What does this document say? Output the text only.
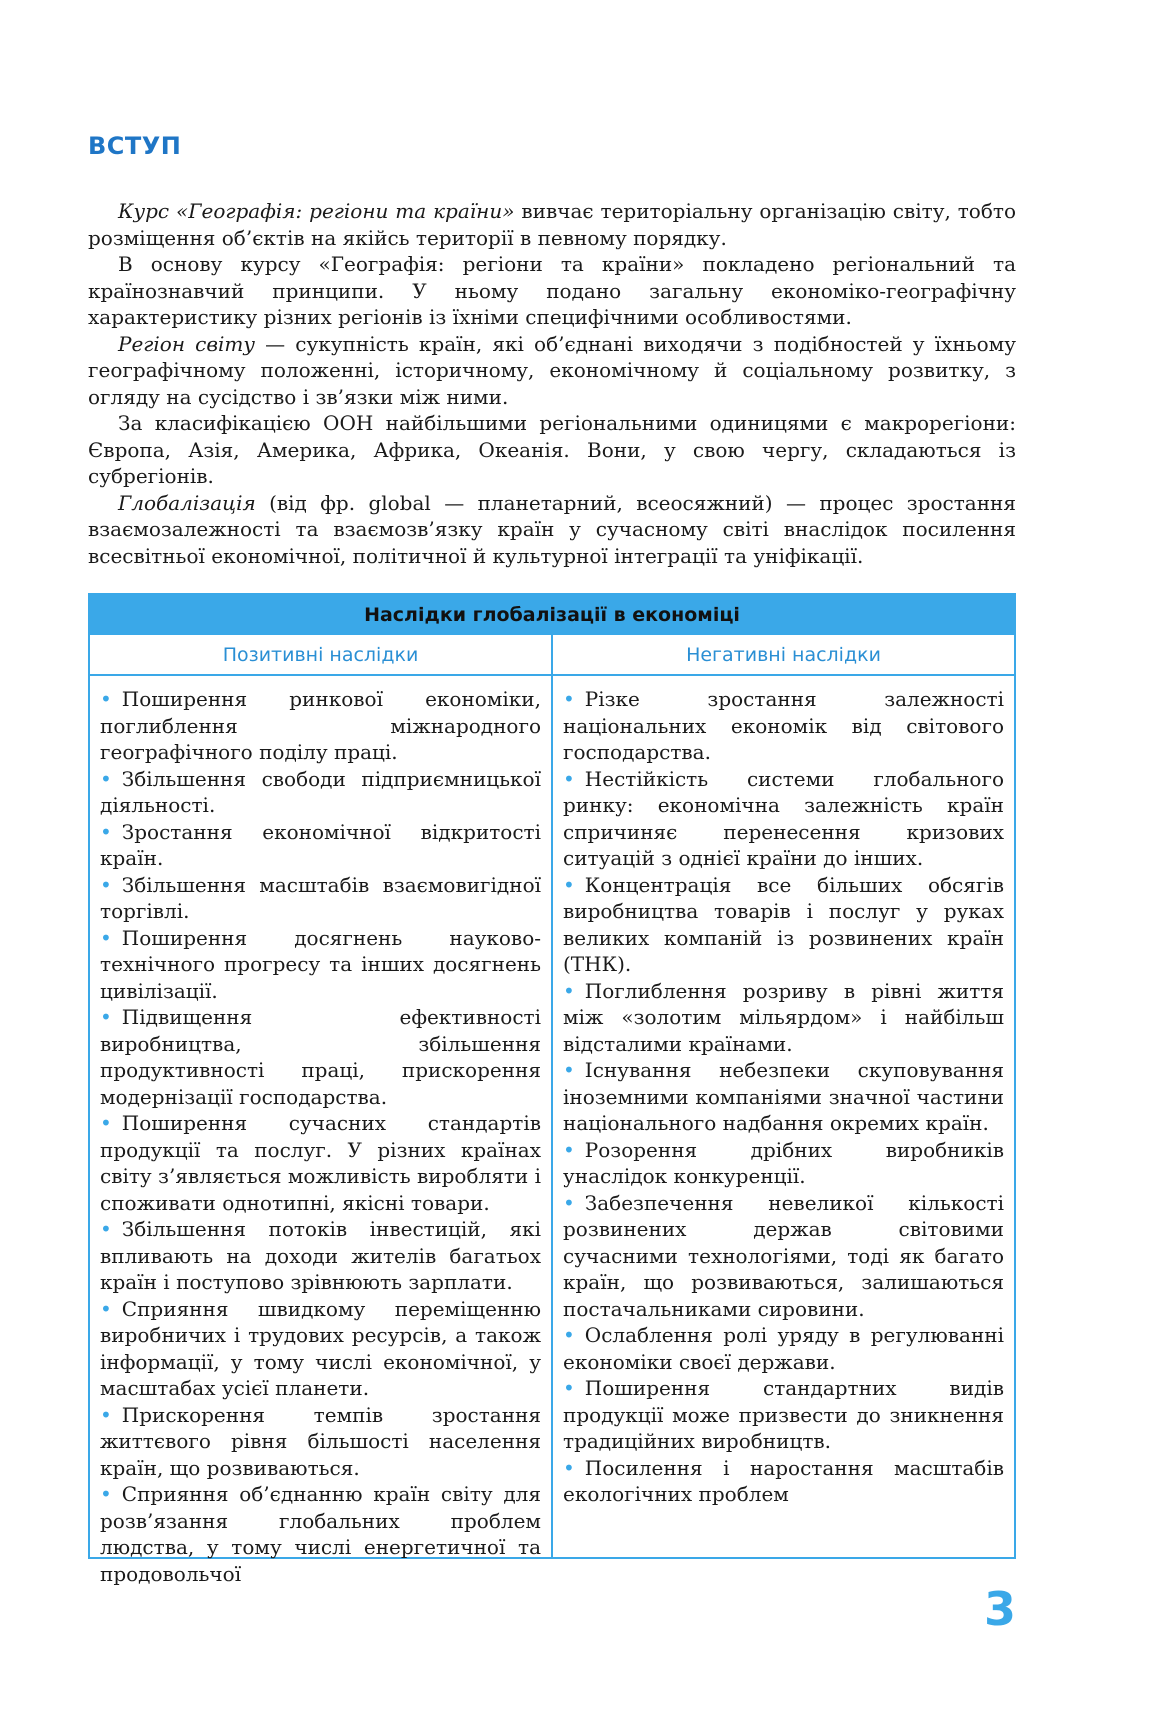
ВСТУП

Курс «Географія: регіони та країни» вивчає територіальну організацію світу, тобто розміщення об’єктів на якійсь території в певному порядку.

В основу курсу «Географія: регіони та країни» покладено регіональний та країнознавчий принципи. У ньому подано загальну економіко-географічну характеристику різних регіонів із їхніми специфічними особливостями.

Регіон світу — сукупність країн, які об’єднані виходячи з подібностей у їхньому географічному положенні, історичному, економічному й соціальному розвитку, з огляду на сусідство і зв’язки між ними.

За класифікацією ООН найбільшими регіональними одиницями є макрорегіони: Європа, Азія, Америка, Африка, Океанія. Вони, у свою чергу, складаються із субрегіонів.

Глобалізація (від фр. global — планетарний, всеосяжний) — процес зростання взаємозалежності та взаємозв’язку країн у сучасному світі внаслідок посилення всесвітньої економічної, політичної й культурної інтеграції та уніфікації.

Наслідки глобалізації в економіці
Позитивні наслідки	Негативні наслідки

• Поширення ринкової економіки, поглиблення міжнародного географічного поділу праці.

• Збільшення свободи підприємницької діяльності.

• Зростання економічної відкритості країн.

• Збільшення масштабів взаємовигідної торгівлі.

• Поширення досягнень науково-технічного прогресу та інших досягнень цивілізації.

• Підвищення ефективності виробництва, збільшення продуктивності праці, прискорення модернізації господарства.

• Поширення сучасних стандартів продукції та послуг. У різних країнах світу з’являється можливість виробляти і споживати однотипні, якісні товари.

• Збільшення потоків інвестицій, які впливають на доходи жителів багатьох країн і поступово зрівнюють зарплати.

• Сприяння швидкому переміщенню виробничих і трудових ресурсів, а також інформації, у тому числі економічної, у масштабах усієї планети.

• Прискорення темпів зростання життєвого рівня більшості населення країн, що розвиваються.

• Сприяння об’єднанню країн світу для розв’язання глобальних проблем людства, у тому числі енергетичної та продовольчої

• Різке зростання залежності національних економік від світового господарства.

• Нестійкість системи глобального ринку: економічна залежність країн спричиняє перенесення кризових ситуацій з однієї країни до інших.

• Концентрація все більших обсягів виробництва товарів і послуг у руках великих компаній із розвинених країн (ТНК).

• Поглиблення розриву в рівні життя між «золотим мільярдом» і найбільш відсталими країнами.

• Існування небезпеки скуповування іноземними компаніями значної частини національного надбання окремих країн.

• Розорення дрібних виробників унаслідок конкуренції.

• Забезпечення невеликої кількості розвинених держав світовими сучасними технологіями, тоді як багато країн, що розвиваються, залишаються постачальниками сировини.

• Ослаблення ролі уряду в регулюванні економіки своєї держави.

• Поширення стандартних видів продукції може призвести до зникнення традиційних виробництв.

• Посилення і наростання масштабів екологічних проблем

3
